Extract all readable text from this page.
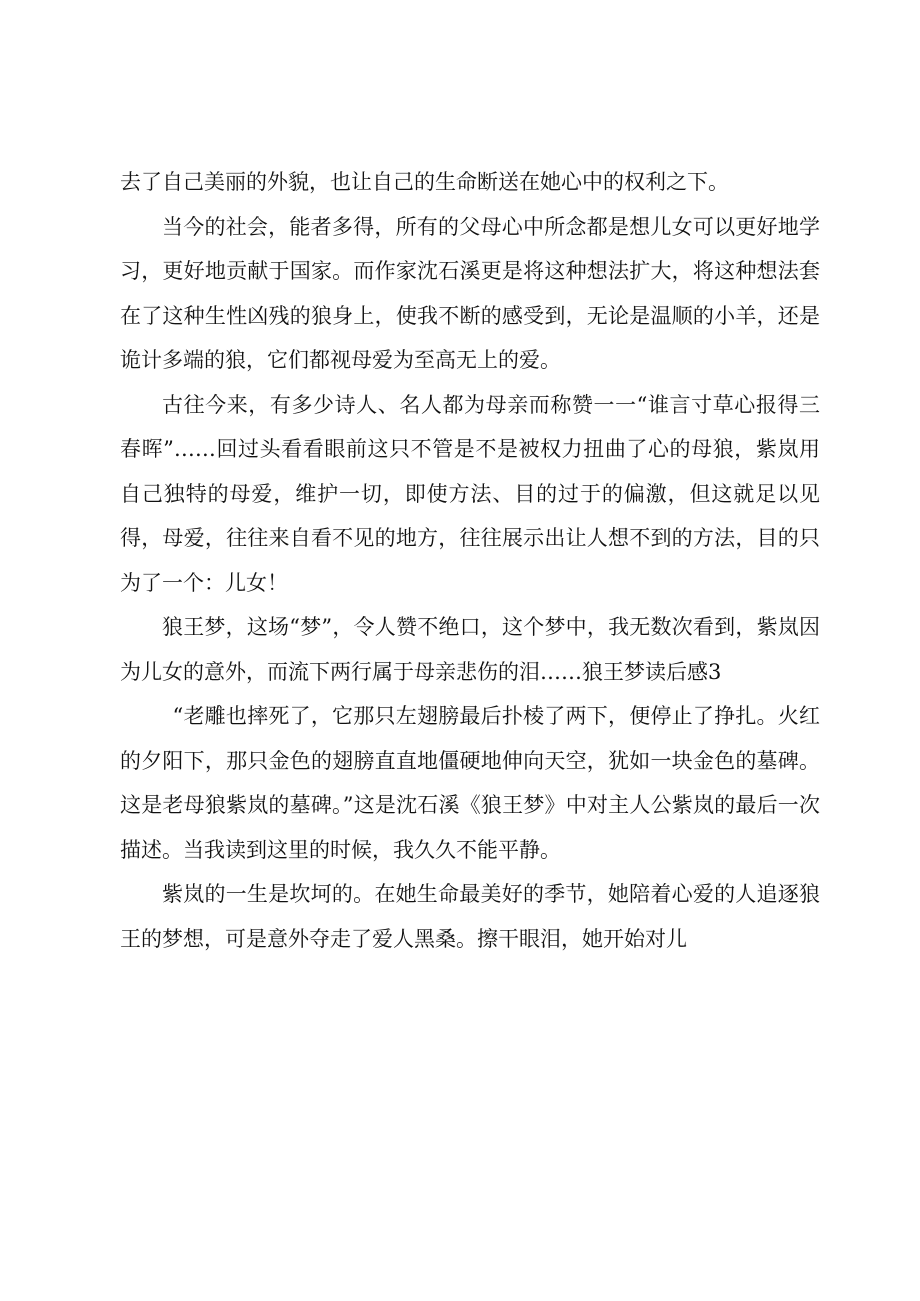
去了自己美丽的外貌，也让自己的生命断送在她心中的权利之下。

当今的社会，能者多得，所有的父母心中所念都是想儿女可以更好地学习，更好地贡献于国家。而作家沈石溪更是将这种想法扩大，将这种想法套在了这种生性凶残的狼身上，使我不断的感受到，无论是温顺的小羊，还是诡计多端的狼，它们都视母爱为至高无上的爱。

古往今来，有多少诗人、名人都为母亲而称赞一一“谁言寸草心报得三春晖”……回过头看看眼前这只不管是不是被权力扭曲了心的母狼，紫岚用自己独特的母爱，维护一切，即使方法、目的过于的偏激，但这就足以见得，母爱，往往来自看不见的地方，往往展示出让人想不到的方法，目的只为了一个：儿女！

狼王梦，这场“梦”，令人赞不绝口，这个梦中，我无数次看到，紫岚因为儿女的意外，而流下两行属于母亲悲伤的泪……狼王梦读后感3

“老雕也摔死了，它那只左翅膀最后扑棱了两下，便停止了挣扎。火红的夕阳下，那只金色的翅膀直直地僵硬地伸向天空，犹如一块金色的墓碑。这是老母狼紫岚的墓碑。”这是沈石溪《狼王梦》中对主人公紫岚的最后一次描述。当我读到这里的时候，我久久不能平静。

紫岚的一生是坎坷的。在她生命最美好的季节，她陪着心爱的人追逐狼王的梦想，可是意外夺走了爱人黑桑。擦干眼泪，她开始对儿
